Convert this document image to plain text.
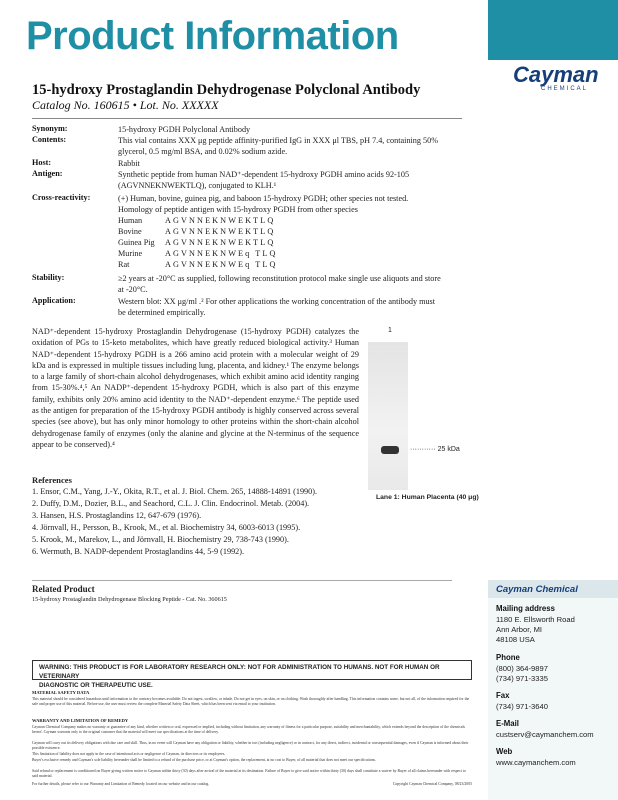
Product Information
Cayman
CHEMICAL
15-hydroxy Prostaglandin Dehydrogenase Polyclonal Antibody
Catalog No. 160615 • Lot. No. XXXXX
Synonym:	15-hydroxy PGDH Polyclonal Antibody
Contents:	This vial contains XXX μg peptide affinity-purified IgG in XXX μl TBS, pH 7.4, containing 50%
glycerol, 0.5 mg/ml BSA, and 0.02% sodium azide.
Host:	Rabbit
Antigen:	Synthetic peptide from human NAD⁺-dependent 15-hydroxy PGDH amino acids 92-105
(AGVNNEKNWEKTLQ), conjugated to KLH.¹
Cross-reactivity:	(+) Human, bovine, guinea pig, and baboon 15-hydroxy PGDH; other species not tested.
Homology of peptide antigen with 15-hydroxy PGDH from other species
Human	AGVNNEKNWEKTLQ
Bovine	AGVNNEKNWEKTLQ
Guinea Pig AGVNNEKNWEKTLQ
Murine	AGVNNEKNWEq TLQ
Rat	AGVNNEKNWEq TLQ
Stability:	≥2 years at -20°C as supplied, following reconstitution protocol make single use aliquots and store
at -20°C.
Application:	Western blot: XX μg/ml .² For other applications the working concentration of the antibody must
be determined empirically.
NAD⁺-dependent 15-hydroxy Prostaglandin Dehydrogenase (15-hydroxy PGDH) catalyzes the oxidation of PGs to 15-keto metabolites, which have greatly reduced biological activity.³ Human NAD⁺-dependent 15-hydroxy PGDH is a 266 amino acid protein with a molecular weight of 29 kDa and is expressed in multiple tissues including lung, placenta, and kidney.¹ The enzyme belongs to a large family of short-chain alcohol dehydrogenases, which exhibit amino acid identity ranging from 15-30%.⁴,⁵ An NADP⁺-dependent 15-hydroxy PGDH, which is also part of this enzyme family, exhibits only 20% amino acid identity to the NAD⁺-dependent enzyme.⁶ The peptide used as the antigen for preparation of the 15-hydroxy PGDH antibody is highly conserved across several species (see above), but has only minor homology to other proteins within the short-chain alcohol dehydrogenase family of enzymes (only the alanine and glycine at the N-terminus of the sequence appear to be conserved).⁴
1
··········· 25 kDa
Lane 1: Human Placenta (40 μg)
References
1. Ensor, C.M., Yang, J.-Y., Okita, R.T., et al. J. Biol. Chem. 265, 14888-14891 (1990).
2. Duffy, D.M., Dozier, B.L., and Seachord, C.L. J. Clin. Endocrinol. Metab. (2004).
3. Hansen, H.S. Prostaglandins 12, 647-679 (1976).
4. Jörnvall, H., Persson, B., Krook, M., et al. Biochemistry 34, 6003-6013 (1995).
5. Krook, M., Marekov, L., and Jörnvall, H. Biochemistry 29, 738-743 (1990).
6. Wermuth, B. NADP-dependent Prostaglandins 44, 5-9 (1992).
Related Product
15-hydroxy Prostaglandin Dehydrogenase Blocking Peptide - Cat. No. 360615
Cayman Chemical
Mailing address
1180 E. Ellsworth Road
Ann Arbor, MI
48108 USA
Phone
(800) 364-9897
(734) 971-3335
Fax
(734) 971-3640
E-Mail
custserv@caymanchem.com
Web
www.caymanchem.com
WARNING: THIS PRODUCT IS FOR LABORATORY RESEARCH ONLY: NOT FOR ADMINISTRATION TO HUMANS. NOT FOR HUMAN OR VETERINARY
DIAGNOSTIC OR THERAPEUTIC USE.
MATERIAL SAFETY DATA
This material should be considered hazardous until information to the contrary becomes available. Do not ingest, swallow, or inhale. Do not get in eyes, on skin, or on clothing. Wash thoroughly after handling. This information contains some, but not all, of the information required for the safe and proper use of this material. Before use, the user must review the complete Material Safety Data Sheet, which has been sent via email to your institution.
WARRANTY AND LIMITATION OF REMEDY
Cayman Chemical Company makes no warranty or guarantee of any kind, whether written or oral, expressed or implied, including without limitation, any warranty of fitness for a particular purpose, suitability and merchantability, which extends beyond the description of the chemicals hereof. Cayman warrants only to the original customer that the material will meet our specifications at the time of delivery.
Cayman will carry out its delivery obligations with due care and skill. Thus, in no event will Cayman have any obligation or liability, whether in tort (including negligence) or in contract, for any direct, indirect, incidental or consequential damages, even if Cayman is informed about their possible existence.
This limitation of liability does not apply in the case of intentional acts or negligence of Cayman, its directors or its employees.
Buyer's exclusive remedy and Cayman's sole liability hereunder shall be limited to a refund of the purchase price, or at Cayman's option, the replacement, at no cost to Buyer, of all material that does not meet our specifications.
Said refund or replacement is conditioned on Buyer giving written notice to Cayman within thirty (30) days after arrival of the material at its destination. Failure of Buyer to give said notice within thirty (30) days shall constitute a waiver by Buyer of all claims hereunder with respect to said material.
For further details, please refer to our Warranty and Limitation of Remedy located on our website and in our catalog.	Copyright Cayman Chemical Company, 08/23/2005
